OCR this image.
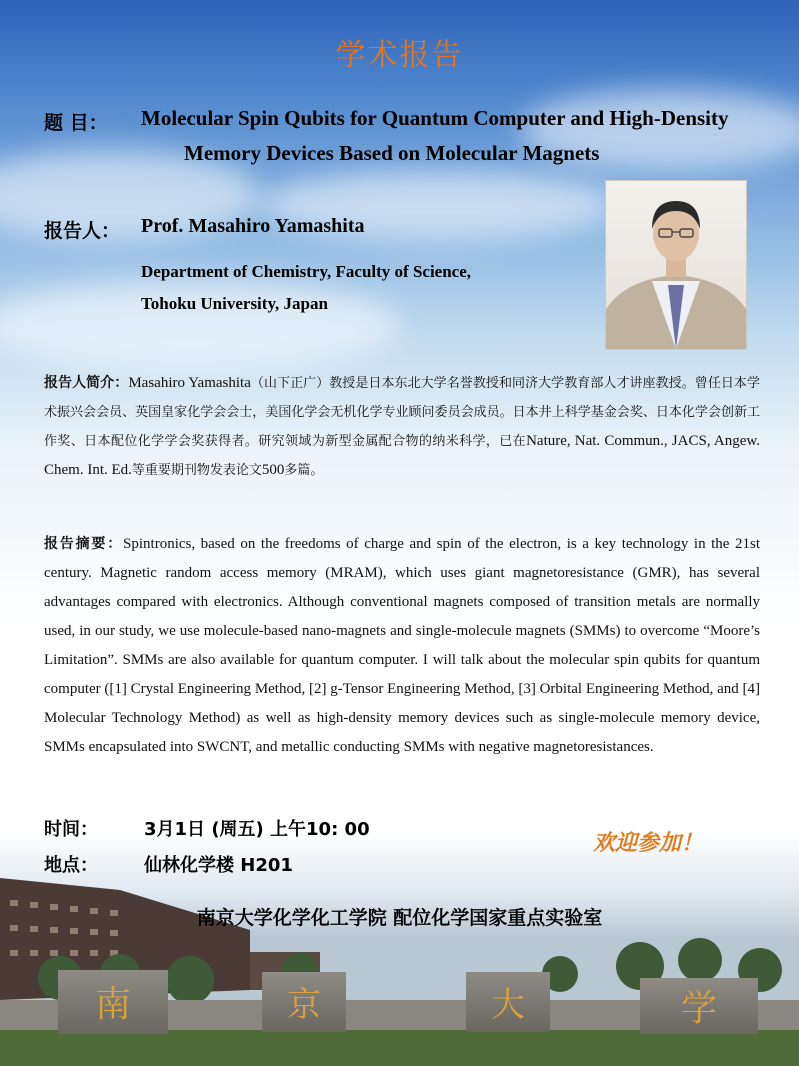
学术报告
题 目： Molecular Spin Qubits for Quantum Computer and High-Density
Memory Devices Based on Molecular Magnets
报告人： Prof. Masahiro Yamashita
Department of Chemistry, Faculty of Science,
Tohoku University, Japan
报告人简介：Masahiro Yamashita（山下正广）教授是日本东北大学名誉教授和同济大学教育部人才讲座教授。曾任日本学术振兴会会员、英国皇家化学会会士，美国化学会无机化学专业顾问委员会成员。日本井上科学基金会奖、日本化学会创新工作奖、日本配位化学学会奖获得者。研究领域为新型金属配合物的纳米科学，已在Nature, Nat. Commun., JACS, Angew. Chem. Int. Ed.等重要期刊物发表论文500多篇。
报告摘要：Spintronics, based on the freedoms of charge and spin of the electron, is a key technology in the 21st century. Magnetic random access memory (MRAM), which uses giant magnetoresistance (GMR), has several advantages compared with electronics. Although conventional magnets composed of transition metals are normally used, in our study, we use molecule-based nano-magnets and single-molecule magnets (SMMs) to overcome “Moore’s Limitation”. SMMs are also available for quantum computer. I will talk about the molecular spin qubits for quantum computer ([1] Crystal Engineering Method, [2] g-Tensor Engineering Method, [3] Orbital Engineering Method, and [4] Molecular Technology Method) as well as high-density memory devices such as single-molecule memory device, SMMs encapsulated into SWCNT, and metallic conducting SMMs with negative magnetoresistances.
时间：	3月1日 (周五) 上午10: 00
地点：	仙林化学楼 H201
欢迎参加！
南	京	大	学
南京大学化学化工学院 配位化学国家重点实验室
